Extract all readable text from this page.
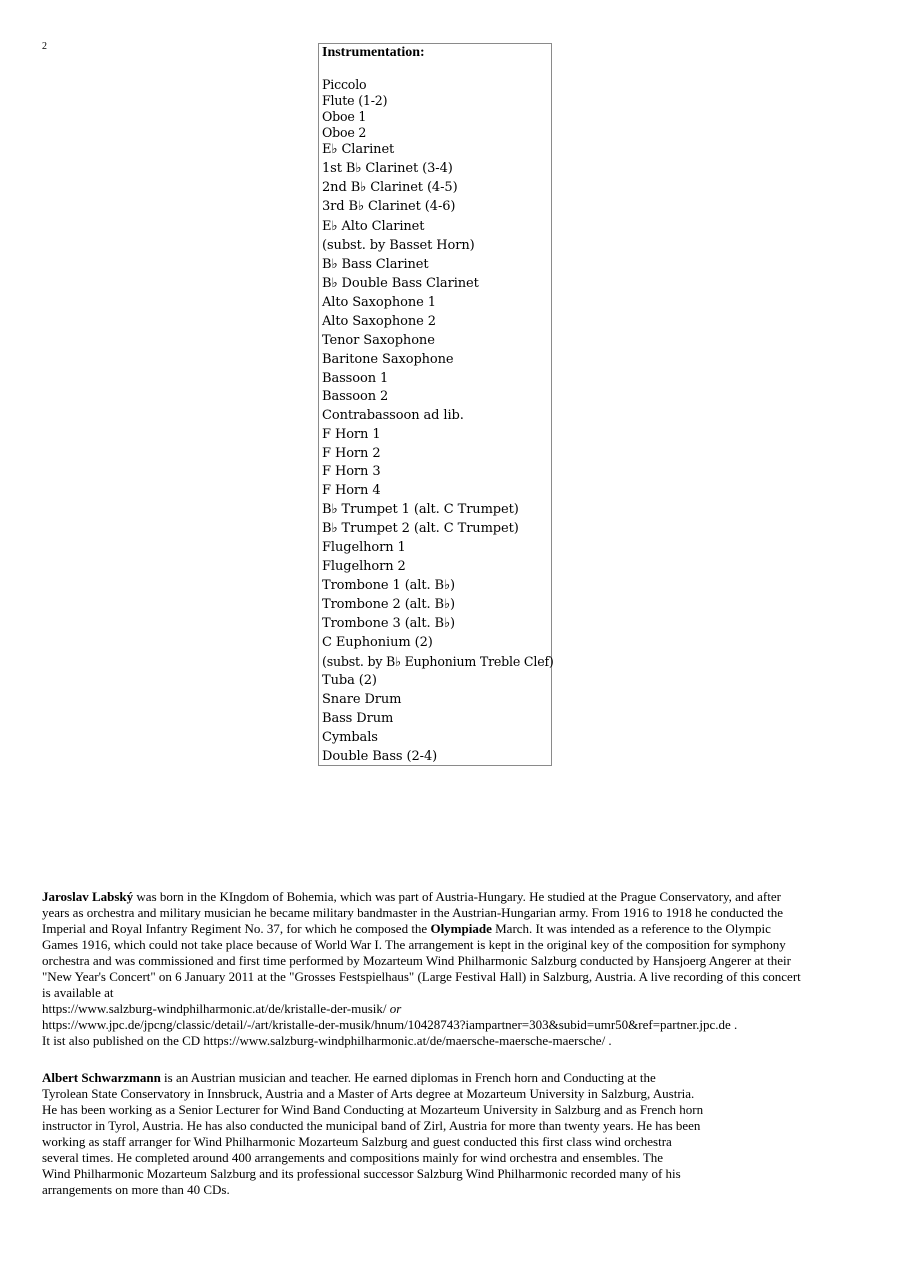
2	Instrumentation:
Piccolo
Flute (1-2)
Oboe 1
Oboe 2
E♭ Clarinet
1st B♭ Clarinet (3-4)
2nd B♭ Clarinet (4-5)
3rd B♭ Clarinet (4-6)
E♭ Alto Clarinet
(subst. by Basset Horn)
B♭ Bass Clarinet
B♭ Double Bass Clarinet
Alto Saxophone 1
Alto Saxophone 2
Tenor Saxophone
Baritone Saxophone
Bassoon 1
Bassoon 2
Contrabassoon ad lib.
F Horn 1
F Horn 2
F Horn 3
F Horn 4
B♭ Trumpet 1 (alt. C Trumpet)
B♭ Trumpet 2 (alt. C Trumpet)
Flugelhorn 1
Flugelhorn 2
Trombone 1 (alt. B♭)
Trombone 2 (alt. B♭)
Trombone 3 (alt. B♭)
C Euphonium (2)
(subst. by B♭ Euphonium Treble Clef)
Tuba (2)
Snare Drum
Bass Drum
Cymbals
Double Bass (2-4)

Jaroslav Labský was born in the KIngdom of Bohemia, which was part of Austria-Hungary. He studied at the Prague Conservatory, and after

years as orchestra and military musician he became military bandmaster in the Austrian-Hungarian army. From 1916 to 1918 he conducted the

Imperial and Royal Infantry Regiment No. 37, for which he composed the Olympiade March. It was intended as a reference to the Olympic

Games 1916, which could not take place because of World War I. The arrangement is kept in the original key of the composition for symphony

orchestra and was commissioned and first time performed by Mozarteum Wind Philharmonic Salzburg conducted by Hansjoerg Angerer at their

"New Year's Concert" on 6 January 2011 at the "Grosses Festspielhaus" (Large Festival Hall) in Salzburg, Austria. A live recording of this concert

is available at

https://www.salzburg-windphilharmonic.at/de/kristalle-der-musik/ or

https://www.jpc.de/jpcng/classic/detail/-/art/kristalle-der-musik/hnum/10428743?iampartner=303&subid=umr50&ref=partner.jpc.de .

It ist also published on the CD https://www.salzburg-windphilharmonic.at/de/maersche-maersche-maersche/ .

Albert Schwarzmann is an Austrian musician and teacher. He earned diplomas in French horn and Conducting at the

Tyrolean State Conservatory in Innsbruck, Austria and a Master of Arts degree at Mozarteum University in Salzburg, Austria.

He has been working as a Senior Lecturer for Wind Band Conducting at Mozarteum University in Salzburg and as French horn

instructor in Tyrol, Austria. He has also conducted the municipal band of Zirl, Austria for more than twenty years. He has been

working as staff arranger for Wind Philharmonic Mozarteum Salzburg and guest conducted this first class wind orchestra

several times. He completed around 400 arrangements and compositions mainly for wind orchestra and ensembles. The

Wind Philharmonic Mozarteum Salzburg and its professional successor Salzburg Wind Philharmonic recorded many of his

arrangements on more than 40 CDs.
